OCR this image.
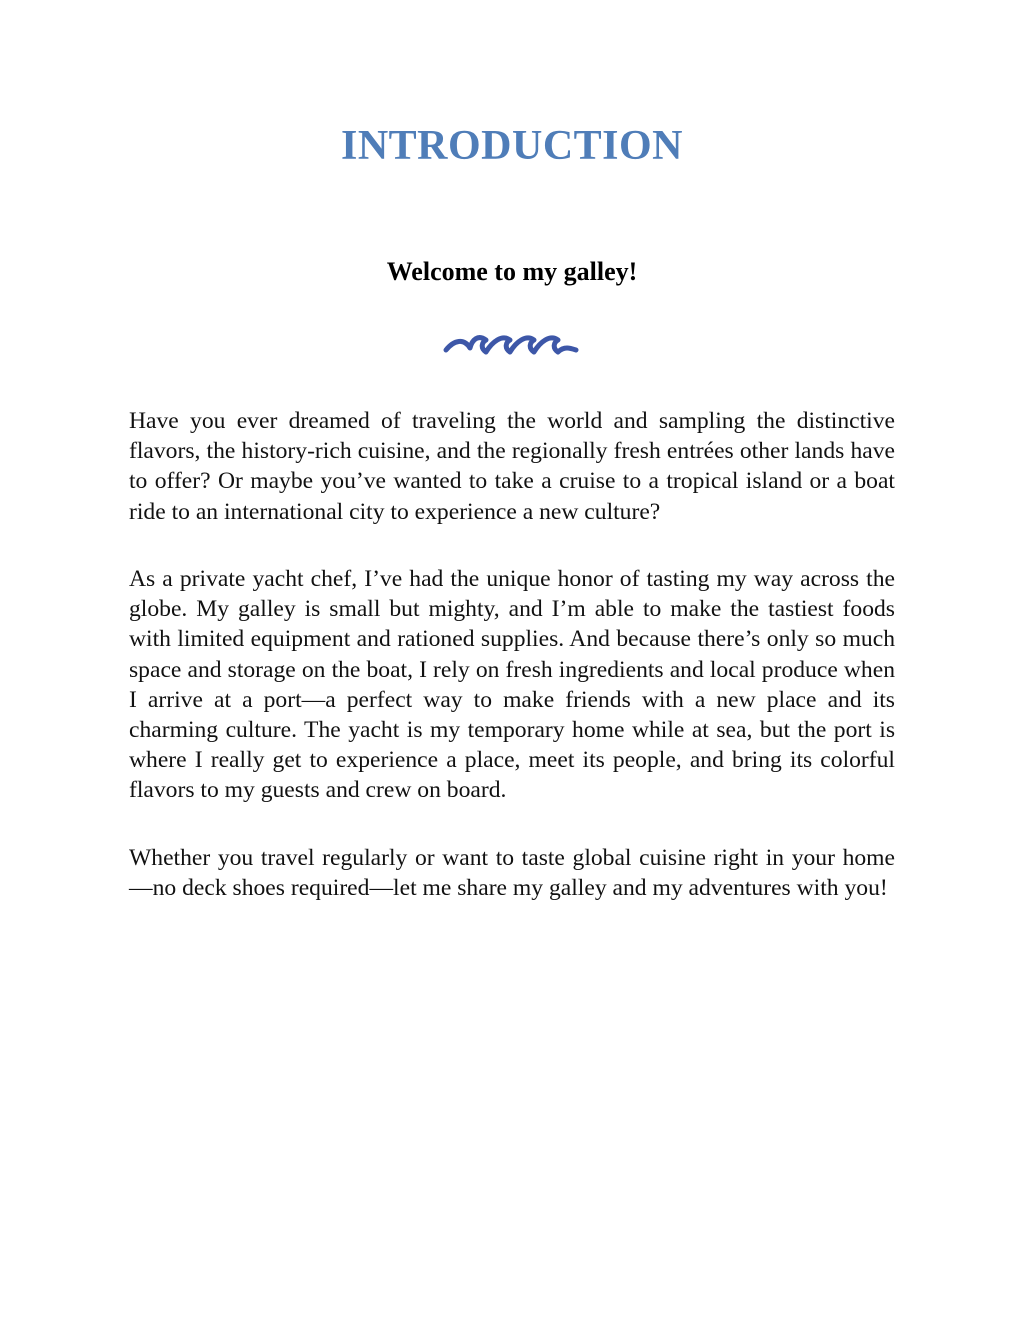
INTRODUCTION
Welcome to my galley!

Have you ever dreamed of traveling the world and sampling the distinctive flavors, the history-rich cuisine, and the regionally fresh entrées other lands have to offer? Or maybe you’ve wanted to take a cruise to a tropical island or a boat ride to an international city to experience a new culture?

As a private yacht chef, I’ve had the unique honor of tasting my way across the globe. My galley is small but mighty, and I’m able to make the tastiest foods with limited equipment and rationed supplies. And because there’s only so much space and storage on the boat, I rely on fresh ingredients and local produce when I arrive at a port—a perfect way to make friends with a new place and its charming culture. The yacht is my temporary home while at sea, but the port is where I really get to experience a place, meet its people, and bring its colorful flavors to my guests and crew on board.

Whether you travel regularly or want to taste global cuisine right in your home—no deck shoes required—let me share my galley and my adventures with you!
